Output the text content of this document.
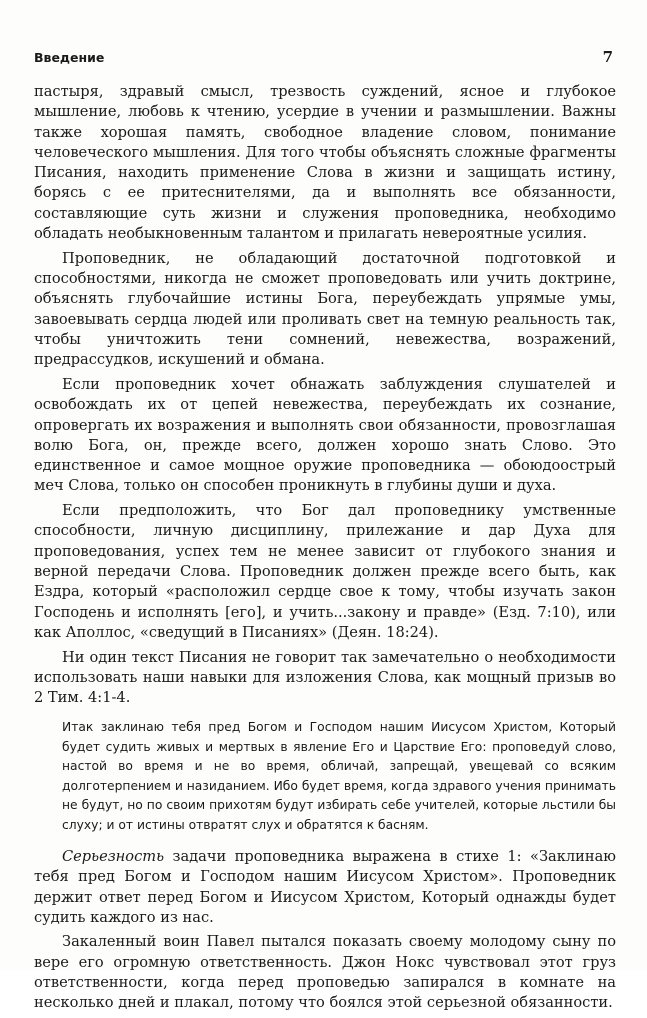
Введение	7

пастыря, здравый смысл, трезвость суждений, ясное и глубокое мышление, любовь к чтению, усердие в учении и размышлении. Важны также хорошая память, свободное владение словом, понимание человеческого мышления. Для того чтобы объяснять сложные фрагменты Писания, находить применение Слова в жизни и защищать истину, борясь с ее притеснителями, да и выполнять все обязанности, составляющие суть жизни и служения проповедника, необходимо обладать необыкновенным талантом и прилагать невероятные усилия.

Проповедник, не обладающий достаточной подготовкой и способностями, никогда не сможет проповедовать или учить доктрине, объяснять глубочайшие истины Бога, переубеждать упрямые умы, завоевывать сердца людей или проливать свет на темную реальность так, чтобы уничтожить тени сомнений, невежества, возражений, предрассудков, искушений и обмана.

Если проповедник хочет обнажать заблуждения слушателей и освобождать их от цепей невежества, переубеждать их сознание, опровергать их возражения и выполнять свои обязанности, провозглашая волю Бога, он, прежде всего, должен хорошо знать Слово. Это единственное и самое мощное оружие проповедника — обоюдоострый меч Слова, только он способен проникнуть в глубины души и духа.

Если предположить, что Бог дал проповеднику умственные способности, личную дисциплину, прилежание и дар Духа для проповедования, успех тем не менее зависит от глубокого знания и верной передачи Слова. Проповедник должен прежде всего быть, как Ездра, который «расположил сердце свое к тому, чтобы изучать закон Господень и исполнять [его], и учить...закону и правде» (Езд. 7:10), или как Аполлос, «сведущий в Писаниях» (Деян. 18:24).

Ни один текст Писания не говорит так замечательно о необходимости использовать наши навыки для изложения Слова, как мощный призыв во 2 Тим. 4:1-4.

Итак заклинаю тебя пред Богом и Господом нашим Иисусом Христом, Который будет судить живых и мертвых в явление Его и Царствие Его: проповедуй слово, настой во время и не во время, обличай, запрещай, увещевай со всяким долготерпением и назиданием. Ибо будет время, когда здравого учения принимать не будут, но по своим прихотям будут избирать себе учителей, которые льстили бы слуху; и от истины отвратят слух и обратятся к басням.

Серьезность задачи проповедника выражена в стихе 1: «Заклинаю тебя пред Богом и Господом нашим Иисусом Христом». Проповедник держит ответ перед Богом и Иисусом Христом, Который однажды будет судить каждого из нас.

Закаленный воин Павел пытался показать своему молодому сыну по вере его огромную ответственность. Джон Нокс чувствовал этот груз ответственности, когда перед проповедью запирался в комнате на несколько дней и плакал, потому что боялся этой серьезной обязанности.
